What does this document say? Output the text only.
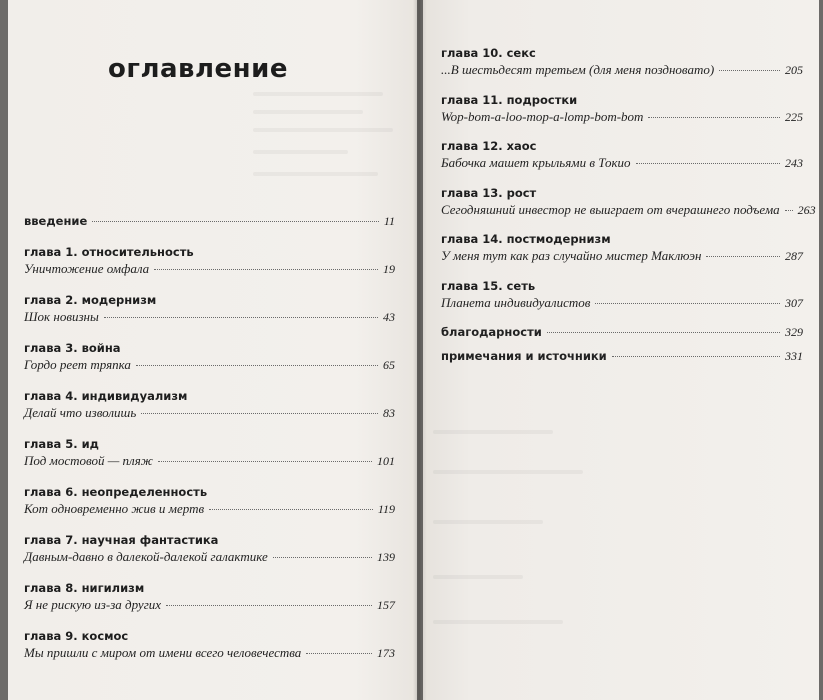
оглавление
введение	11
глава 1. относительность
Уничтожение омфала	19
глава 2. модернизм
Шок новизны	43
глава 3. война
Гордо реет тряпка	65
глава 4. индивидуализм
Делай что изволишь	83
глава 5. ид
Под мостовой — пляж	101
глава 6. неопределенность
Кот одновременно жив и мертв	119
глава 7. научная фантастика
Давным-давно в далекой-далекой галактике	139
глава 8. нигилизм
Я не рискую из-за других	157
глава 9. космос
Мы пришли с миром от имени всего человечества	173
глава 10. секс
...В шестьдесят третьем (для меня поздновато)	205
глава 11. подростки
Wop-bom-a-loo-mop-a-lomp-bom-bom	225
глава 12. хаос
Бабочка машет крыльями в Токио	243
глава 13. рост
Сегодняшний инвестор не выиграет от вчерашнего подъема 263
глава 14. постмодернизм
У меня тут как раз случайно мистер Маклюэн	287
глава 15. сеть
Планета индивидуалистов	307
благодарности	329
примечания и источники	331
